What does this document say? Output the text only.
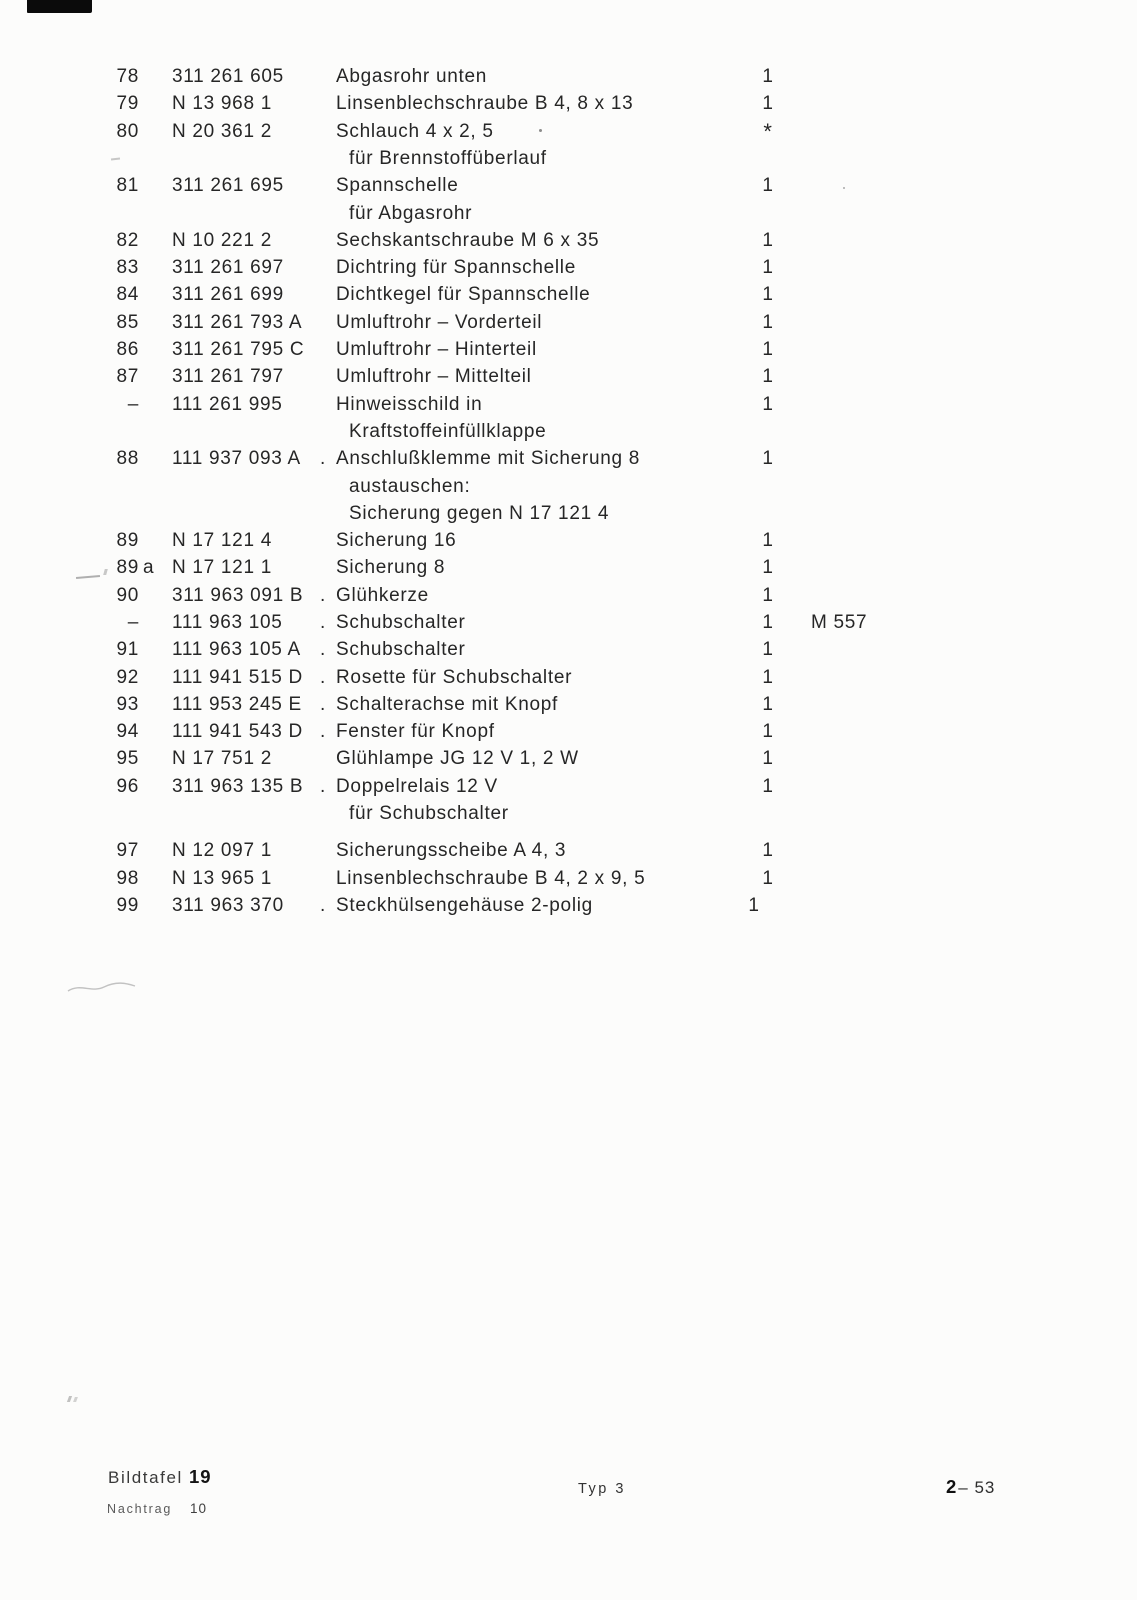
78 311 261 605	Abgasrohr unten	1
79 N 13 968 1	Linsenblechschraube B 4, 8 x 13	1
80 N 20 361 2	Schlauch 4 x 2, 5	*
für Brennstoffüberlauf
81 311 261 695	Spannschelle	1
für Abgasrohr
82 N 10 221 2	Sechskantschraube M 6 x 35	1
83 311 261 697	Dichtring für Spannschelle	1
84 311 261 699	Dichtkegel für Spannschelle	1
85 311 261 793 A Umluftrohr – Vorderteil	1
86 311 261 795 C Umluftrohr – Hinterteil	1
87 311 261 797	Umluftrohr – Mittelteil	1
– 111 261 995	Hinweisschild in	1
Kraftstoffeinfüllklappe
88 111 937 093 A . Anschlußklemme mit Sicherung 8	1
austauschen:
Sicherung gegen N 17 121 4
89 N 17 121 4	Sicherung 16	1
89 a N 17 121 1	Sicherung 8	1
90 311 963 091 B . Glühkerze	1
– 111 963 105 . Schubschalter	1	M 557
91 111 963 105 A . Schubschalter	1
92 111 941 515 D . Rosette für Schubschalter	1
93 111 953 245 E . Schalterachse mit Knopf	1
94 111 941 543 D . Fenster für Knopf	1
95 N 17 751 2	Glühlampe JG 12 V 1, 2 W	1
96 311 963 135 B . Doppelrelais 12 V	1
für Schubschalter
97 N 12 097 1	Sicherungsscheibe A 4, 3	1
98 N 13 965 1	Linsenblechschraube B 4, 2 x 9, 5	1
99 311 963 370 . Steckhülsengehäuse 2-polig	1
Bildtafel 19
Nachtrag 10
Typ 3	2 – 53
